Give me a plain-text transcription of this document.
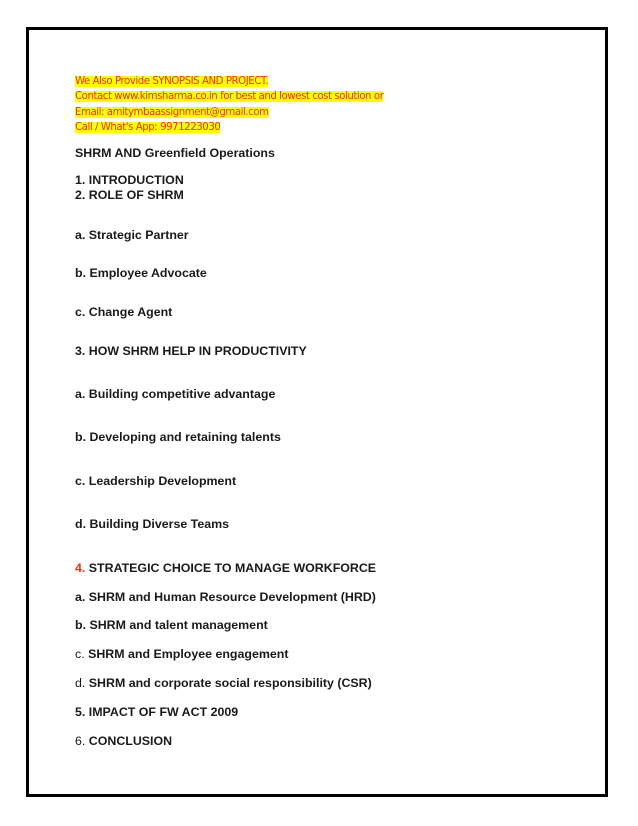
We Also Provide SYNOPSIS AND PROJECT.
Contact www.kimsharma.co.in for best and lowest cost solution or
Email: amitymbaassignment@gmail.com
Call / What's App: 9971223030
SHRM AND Greenfield Operations
1. INTRODUCTION
2. ROLE OF SHRM
a. Strategic Partner
b. Employee Advocate
c. Change Agent
3. HOW SHRM HELP IN PRODUCTIVITY
a. Building competitive advantage
b. Developing and retaining talents
c. Leadership Development
d. Building Diverse Teams
4. STRATEGIC CHOICE TO MANAGE WORKFORCE
a. SHRM and Human Resource Development (HRD)
b. SHRM and talent management
c. SHRM and Employee engagement
d. SHRM and corporate social responsibility (CSR)
5. IMPACT OF FW ACT 2009
6. CONCLUSION
